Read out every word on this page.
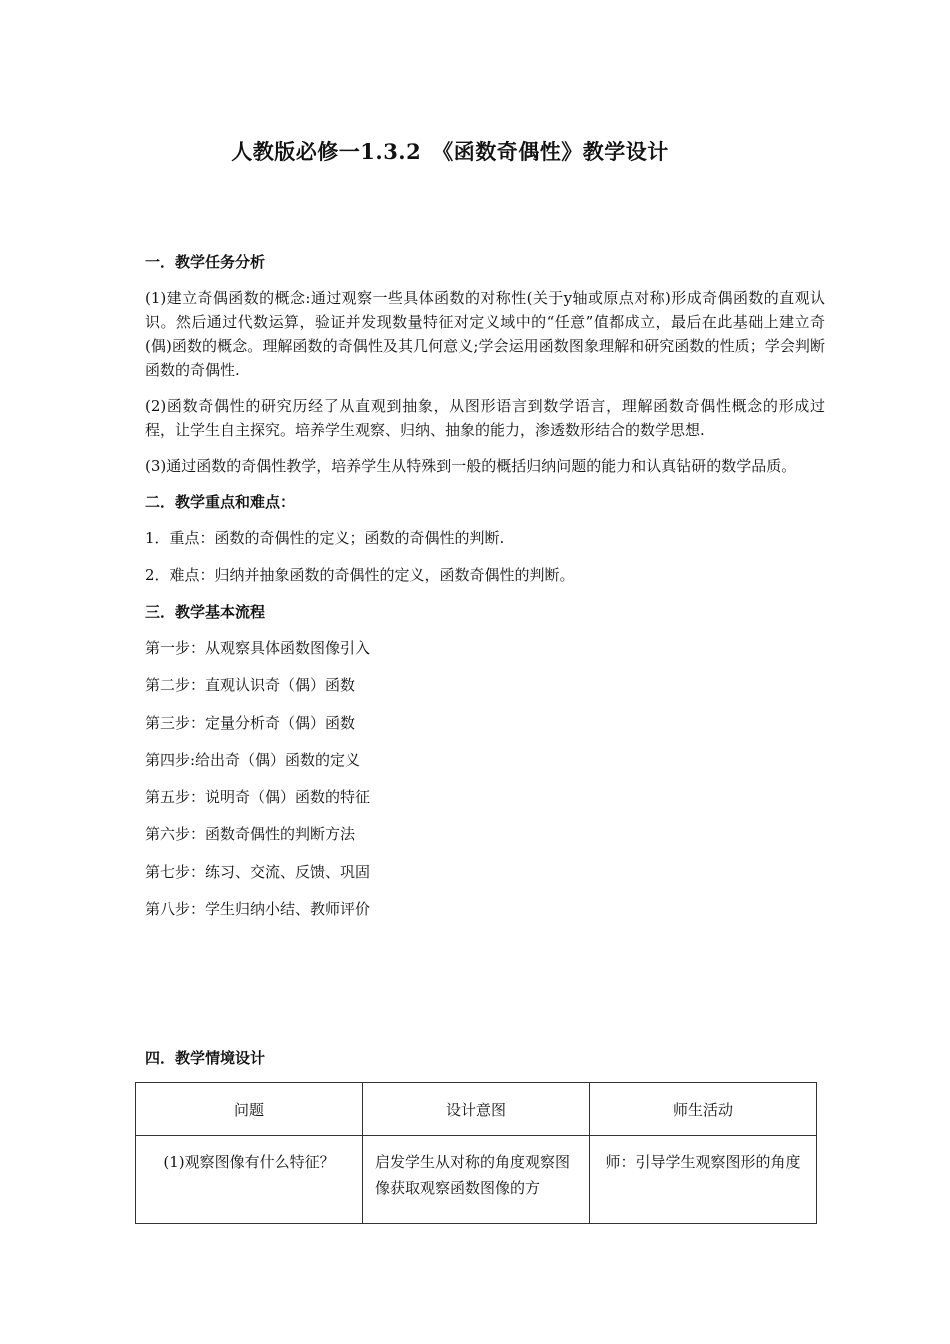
人教版必修一1.3.2　《函数奇偶性》教学设计
一．教学任务分析

(1)建立奇偶函数的概念:通过观察一些具体函数的对称性(关于y轴或原点对称)形成奇偶函数的直观认识。然后通过代数运算，验证并发现数量特征对定义域中的“任意”值都成立，最后在此基础上建立奇(偶)函数的概念。理解函数的奇偶性及其几何意义;学会运用函数图象理解和研究函数的性质；学会判断函数的奇偶性.

(2)函数奇偶性的研究历经了从直观到抽象，从图形语言到数学语言，理解函数奇偶性概念的形成过程，让学生自主探究。培养学生观察、归纳、抽象的能力，渗透数形结合的数学思想.

(3)通过函数的奇偶性教学，培养学生从特殊到一般的概括归纳问题的能力和认真钻研的数学品质。

二．教学重点和难点：
1．重点：函数的奇偶性的定义；函数的奇偶性的判断.
2．难点：归纳并抽象函数的奇偶性的定义，函数奇偶性的判断。
三．教学基本流程
第一步：从观察具体函数图像引入
第二步：直观认识奇（偶）函数
第三步：定量分析奇（偶）函数
第四步:给出奇（偶）函数的定义
第五步：说明奇（偶）函数的特征
第六步：函数奇偶性的判断方法
第七步：练习、交流、反馈、巩固
第八步：学生归纳小结、教师评价
四．教学情境设计
问题	设计意图	师生活动
(1)观察图像有什么特征？	启发学生从对称的角度观察图像获取观察函数图像的方	师：引导学生观察图形的角度
